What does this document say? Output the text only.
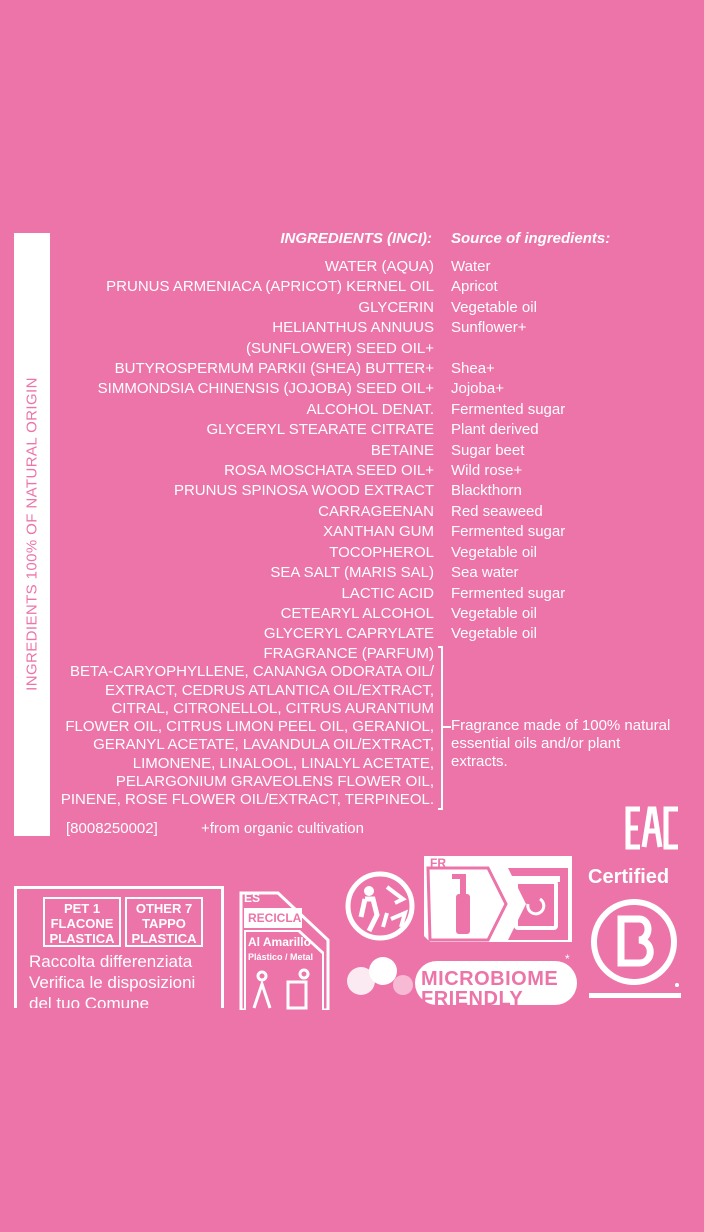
INGREDIENTS 100% OF NATURAL ORIGIN
INGREDIENTS (INCI): Source of ingredients:
WATER (AQUA)
PRUNUS ARMENIACA (APRICOT) KERNEL OIL
GLYCERIN
HELIANTHUS ANNUUS (SUNFLOWER) SEED OIL+
BUTYROSPERMUM PARKII (SHEA) BUTTER+
SIMMONDSIA CHINENSIS (JOJOBA) SEED OIL+
ALCOHOL DENAT.
GLYCERYL STEARATE CITRATE
BETAINE
ROSA MOSCHATA SEED OIL+
PRUNUS SPINOSA WOOD EXTRACT
CARRAGEENAN
XANTHAN GUM
TOCOPHEROL
SEA SALT (MARIS SAL)
LACTIC ACID
CETEARYL ALCOHOL
GLYCERYL CAPRYLATE
Water
Apricot
Vegetable oil
Sunflower+

Shea+
Jojoba+
Fermented sugar
Plant derived
Sugar beet
Wild rose+
Blackthorn
Red seaweed
Fermented sugar
Vegetable oil
Sea water
Fermented sugar
Vegetable oil
Vegetable oil
FRAGRANCE (PARFUM)
BETA-CARYOPHYLLENE, CANANGA ODORATA OIL/
EXTRACT, CEDRUS ATLANTICA OIL/EXTRACT,
CITRAL, CITRONELLOL, CITRUS AURANTIUM
FLOWER OIL, CITRUS LIMON PEEL OIL, GERANIOL,
GERANYL ACETATE, LAVANDULA OIL/EXTRACT,
LIMONENE, LINALOOL, LINALYL ACETATE,
PELARGONIUM GRAVEOLENS FLOWER OIL,
PINENE, ROSE FLOWER OIL/EXTRACT, TERPINEOL.
Fragrance made of 100% natural
essential oils and/or plant
extracts.
[8008250002]	+from organic cultivation
Certified
PET 1
FLACONE
PLASTICA
OTHER 7
TAPPO
PLASTICA
Raccolta differenziata
Verifica le disposizioni
del tuo Comune
ES
RECICLA
Al Amarillo
Plástico / Metal
FR
MICROBIOME
FRIENDLY
*
